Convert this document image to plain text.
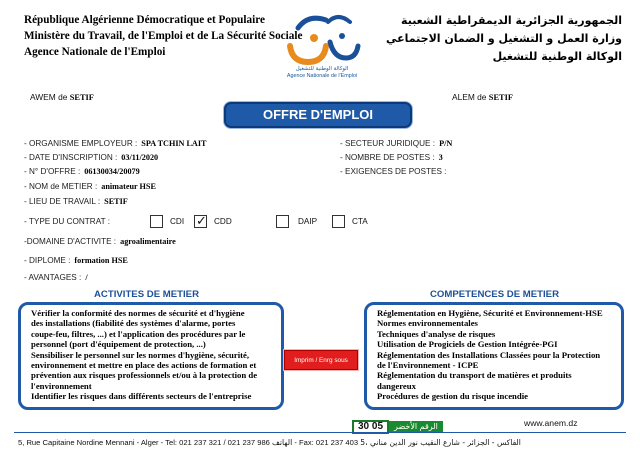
République Algérienne Démocratique et Populaire
Ministère du Travail, de l'Emploi et de La Sécurité Sociale
Agence Nationale de l'Emploi
الوكالة الوطنية للتشغيل
Agence Nationale de l'Emploi
الجمهورية الجزائرية الديمقراطية الشعبية
وزارة العمل و التشغيل و الضمان الاجتماعي
الوكالة الوطنية للتشغيل
AWEM de SETIF	ALEM de SETIF
OFFRE D'EMPLOI
- ORGANISME EMPLOYEUR : SPA TCHIN LAIT
- DATE D'INSCRIPTION : 03/11/2020
- N° D'OFFRE : 06130034/20079
- NOM de METIER : animateur HSE
- LIEU DE TRAVAIL : SETIF
- SECTEUR JURIDIQUE : P/N
- NOMBRE DE POSTES : 3
- EXIGENCES DE POSTES :
- TYPE DU CONTRAT :	CDI ✓ CDD	DAIP	CTA
-DOMAINE D'ACTIVITE : agroalimentaire
- DIPLOME : formation HSE
- AVANTAGES : /
ACTIVITES DE METIER	COMPETENCES DE METIER

Vérifier la conformité des normes de sécurité et d'hygiène

des installations (fiabilité des systèmes d'alarme, portes

coupe-feu, filtres, ...) et l'application des procédures par le

personnel (port d'équipement de protection, ...)

Sensibiliser le personnel sur les normes d'hygiène, sécurité,

environnement et mettre en place des actions de formation et

prévention aux risques professionnels et/ou à la protection de

l'environnement

Identifier les risques dans différents secteurs de l'entreprise

Imprim / Enrg sous

Réglementation en Hygiène, Sécurité et Environnement-HSE

Normes environnementales

Techniques d'analyse de risques

Utilisation de Progiciels de Gestion Intégrée-PGI

Réglementation des Installations Classées pour la Protection

de l'Environnement - ICPE

Réglementation du transport de matières et produits

dangereux

Procédures de gestion du risque incendie

30 05 الرقم الأخضر	www.anem.dz
5, Rue Capitaine Nordine Mennani - Alger - Tel: 021 237 321 / 021 237 986 الهاتف - Fax: 021 237 403 الفاكس - الجزائر - شارع النقيب نور الدين مناني ،5
